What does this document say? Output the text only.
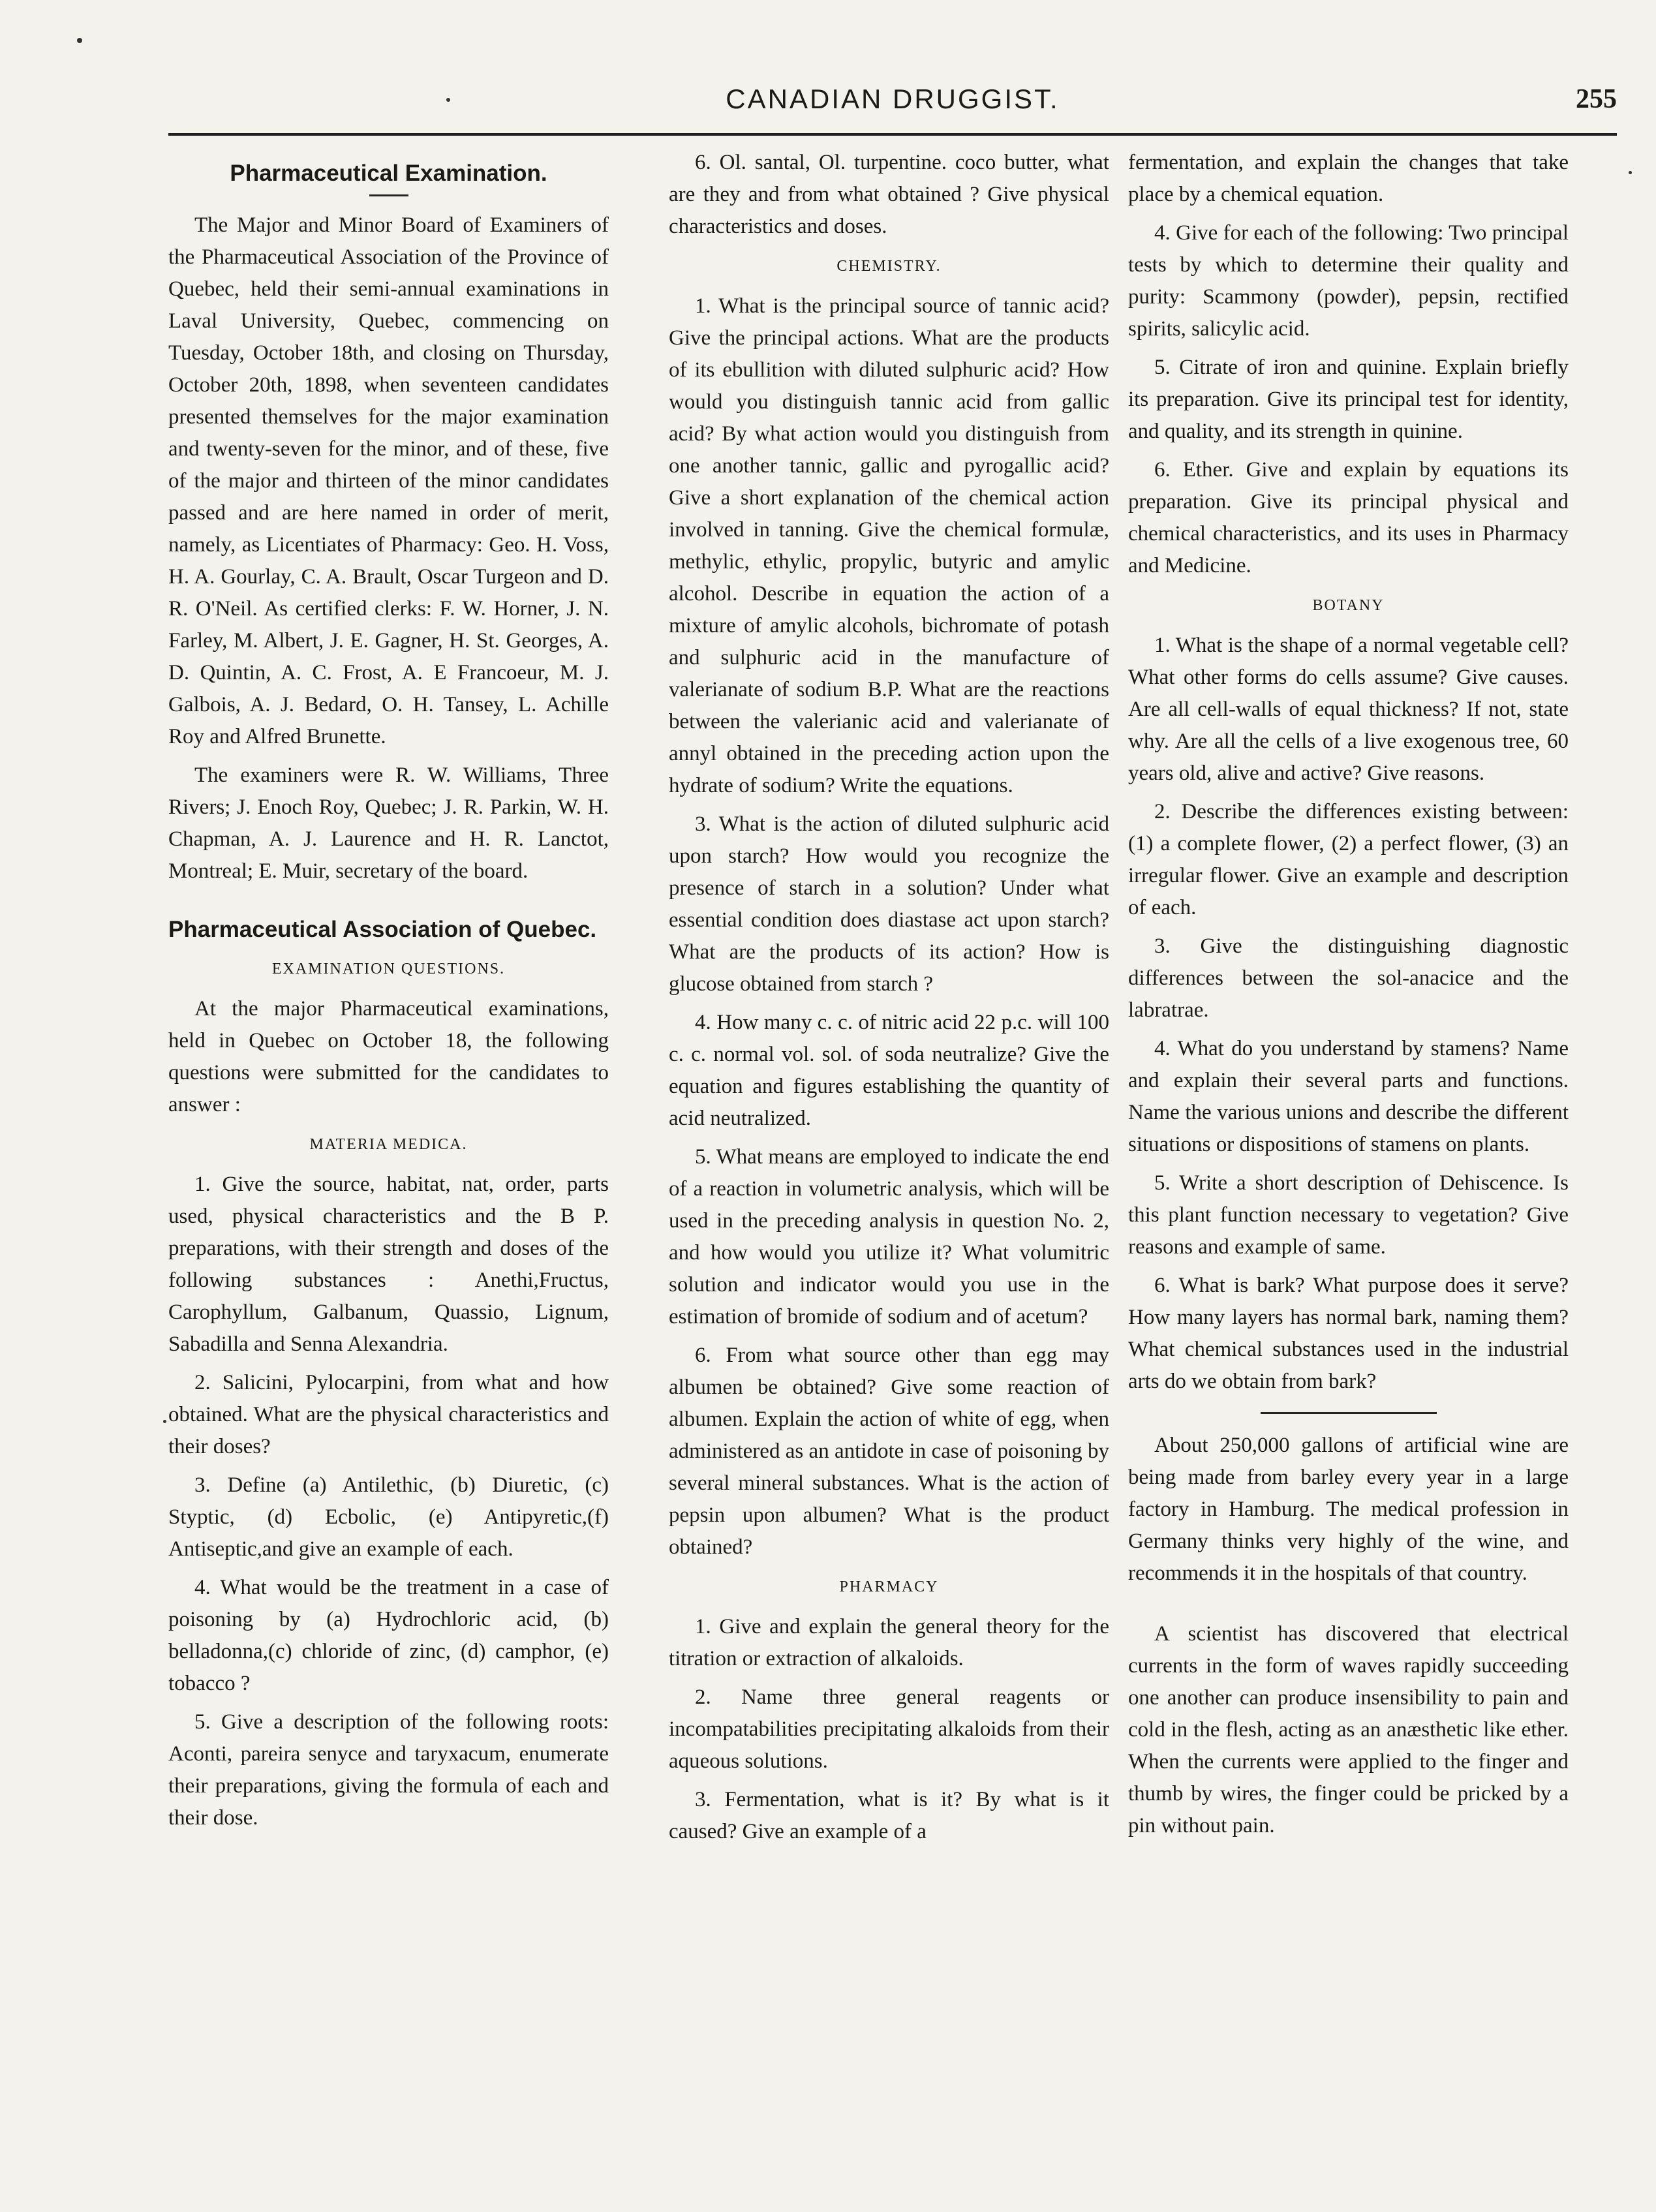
CANADIAN DRUGGIST.	255
Pharmaceutical Examination.

The Major and Minor Board of Examiners of the Pharmaceutical Association of the Province of Quebec, held their semi-annual examinations in Laval University, Quebec, commencing on Tuesday, October 18th, and closing on Thursday, October 20th, 1898, when seventeen candidates presented themselves for the major examination and twenty-seven for the minor, and of these, five of the major and thirteen of the minor candidates passed and are here named in order of merit, namely, as Licentiates of Pharmacy: Geo. H. Voss, H. A. Gourlay, C. A. Brault, Oscar Turgeon and D. R. O'Neil. As certified clerks: F. W. Horner, J. N. Farley, M. Albert, J. E. Gagner, H. St. Georges, A. D. Quintin, A. C. Frost, A. E Francoeur, M. J. Galbois, A. J. Bedard, O. H. Tansey, L. Achille Roy and Alfred Brunette.

The examiners were R. W. Williams, Three Rivers; J. Enoch Roy, Quebec; J. R. Parkin, W. H. Chapman, A. J. Laurence and H. R. Lanctot, Montreal; E. Muir, secretary of the board.

Pharmaceutical Association of Quebec.
EXAMINATION QUESTIONS.

At the major Pharmaceutical examinations, held in Quebec on October 18, the following questions were submitted for the candidates to answer :

MATERIA MEDICA.

1. Give the source, habitat, nat, order, parts used, physical characteristics and the B P. preparations, with their strength and doses of the following substances : Anethi,Fructus, Carophyllum, Galbanum, Quassio, Lignum, Sabadilla and Senna Alexandria.

2. Salicini, Pylocarpini, from what and how obtained. What are the physical characteristics and their doses?

3. Define (a) Antilethic, (b) Diuretic, (c) Styptic, (d) Ecbolic, (e) Antipyretic,(f) Antiseptic,and give an example of each.

4. What would be the treatment in a case of poisoning by (a) Hydrochloric acid, (b) belladonna,(c) chloride of zinc, (d) camphor, (e) tobacco ?

5. Give a description of the following roots: Aconti, pareira senyce and taryxacum, enumerate their preparations, giving the formula of each and their dose.

6. Ol. santal, Ol. turpentine. coco butter, what are they and from what obtained ? Give physical characteristics and doses.

CHEMISTRY.

1. What is the principal source of tannic acid? Give the principal actions. What are the products of its ebullition with diluted sulphuric acid? How would you distinguish tannic acid from gallic acid? By what action would you distinguish from one another tannic, gallic and pyrogallic acid? Give a short explanation of the chemical action involved in tanning. Give the chemical formulæ, methylic, ethylic, propylic, butyric and amylic alcohol. Describe in equation the action of a mixture of amylic alcohols, bichromate of potash and sulphuric acid in the manufacture of valerianate of sodium B.P. What are the reactions between the valerianic acid and valerianate of annyl obtained in the preceding action upon the hydrate of sodium? Write the equations.

3. What is the action of diluted sulphuric acid upon starch? How would you recognize the presence of starch in a solution? Under what essential condition does diastase act upon starch? What are the products of its action? How is glucose obtained from starch ?

4. How many c. c. of nitric acid 22 p.c. will 100 c. c. normal vol. sol. of soda neutralize? Give the equation and figures establishing the quantity of acid neutralized.

5. What means are employed to indicate the end of a reaction in volumetric analysis, which will be used in the preceding analysis in question No. 2, and how would you utilize it? What volumitric solution and indicator would you use in the estimation of bromide of sodium and of acetum?

6. From what source other than egg may albumen be obtained? Give some reaction of albumen. Explain the action of white of egg, when administered as an antidote in case of poisoning by several mineral substances. What is the action of pepsin upon albumen? What is the product obtained?

PHARMACY

1. Give and explain the general theory for the titration or extraction of alkaloids.

2. Name three general reagents or incompatabilities precipitating alkaloids from their aqueous solutions.

3. Fermentation, what is it? By what is it caused? Give an example of a

fermentation, and explain the changes that take place by a chemical equation.

4. Give for each of the following: Two principal tests by which to determine their quality and purity: Scammony (powder), pepsin, rectified spirits, salicylic acid.

5. Citrate of iron and quinine. Explain briefly its preparation. Give its principal test for identity, and quality, and its strength in quinine.

6. Ether. Give and explain by equations its preparation. Give its principal physical and chemical characteristics, and its uses in Pharmacy and Medicine.

BOTANY

1. What is the shape of a normal vegetable cell? What other forms do cells assume? Give causes. Are all cell-walls of equal thickness? If not, state why. Are all the cells of a live exogenous tree, 60 years old, alive and active? Give reasons.

2. Describe the differences existing between: (1) a complete flower, (2) a perfect flower, (3) an irregular flower. Give an example and description of each.

3. Give the distinguishing diagnostic differences between the sol-anacice and the labratrae.

4. What do you understand by stamens? Name and explain their several parts and functions. Name the various unions and describe the different situations or dispositions of stamens on plants.

5. Write a short description of Dehiscence. Is this plant function necessary to vegetation? Give reasons and example of same.

6. What is bark? What purpose does it serve? How many layers has normal bark, naming them? What chemical substances used in the industrial arts do we obtain from bark?

About 250,000 gallons of artificial wine are being made from barley every year in a large factory in Hamburg. The medical profession in Germany thinks very highly of the wine, and recommends it in the hospitals of that country.

A scientist has discovered that electrical currents in the form of waves rapidly succeeding one another can produce insensibility to pain and cold in the flesh, acting as an anæsthetic like ether. When the currents were applied to the finger and thumb by wires, the finger could be pricked by a pin without pain.
